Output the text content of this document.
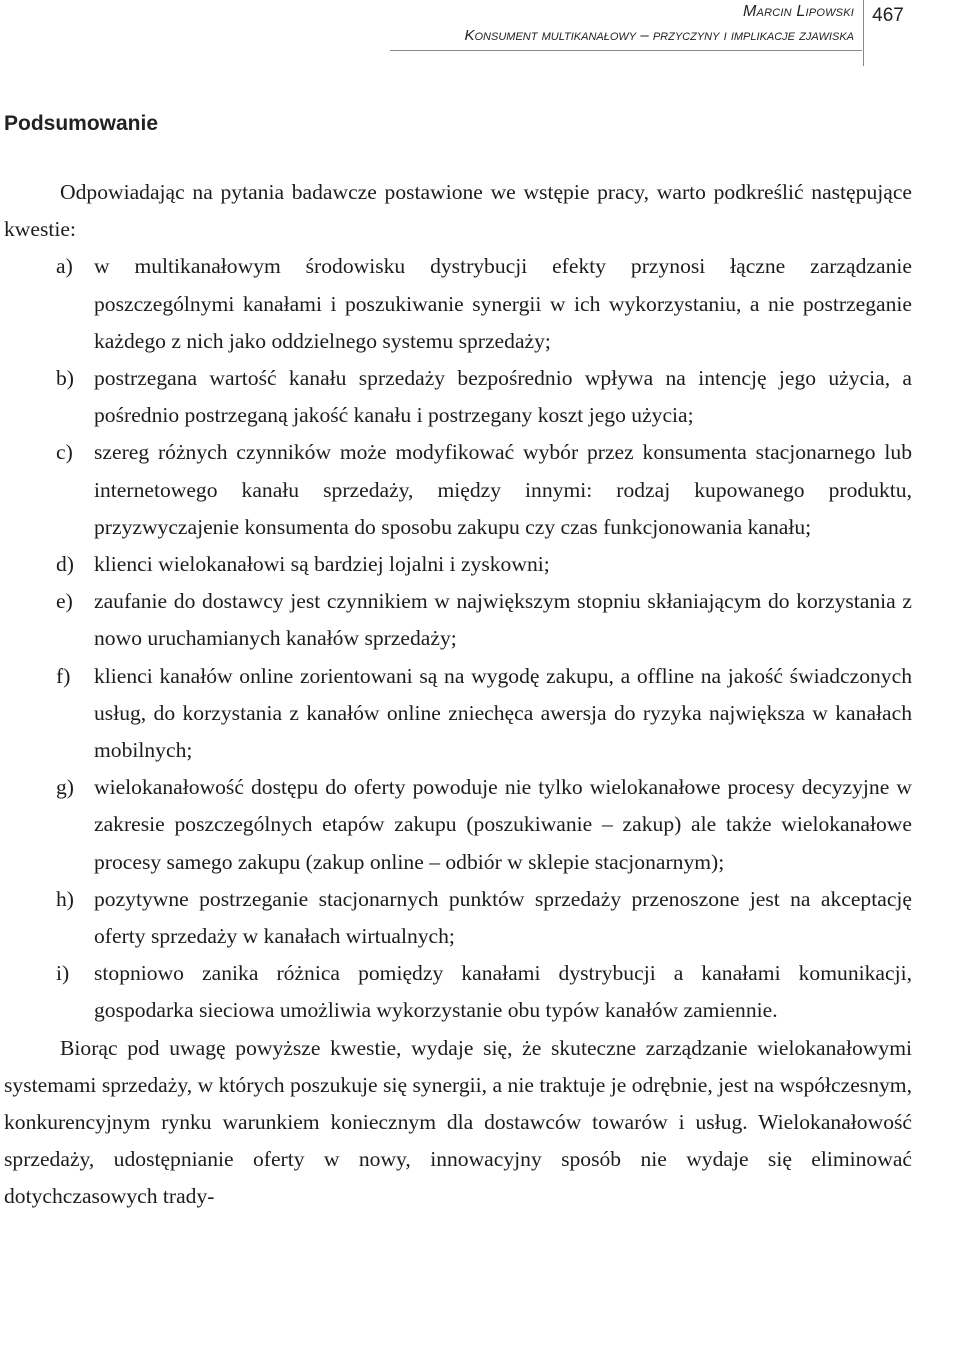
Marcin Lipowski
Konsument multikanałowy – przyczyny i implikacje zjawiska
467
Podsumowanie

Odpowiadając na pytania badawcze postawione we wstępie pracy, warto podkreślić następujące kwestie:

a) w multikanałowym środowisku dystrybucji efekty przynosi łączne zarządzanie poszczególnymi kanałami i poszukiwanie synergii w ich wykorzystaniu, a nie postrzeganie każdego z nich jako oddzielnego systemu sprzedaży;
b) postrzegana wartość kanału sprzedaży bezpośrednio wpływa na intencję jego użycia, a pośrednio postrzeganą jakość kanału i postrzegany koszt jego użycia;
c) szereg różnych czynników może modyfikować wybór przez konsumenta stacjonarnego lub internetowego kanału sprzedaży, między innymi: rodzaj kupowanego produktu, przyzwyczajenie konsumenta do sposobu zakupu czy czas funkcjonowania kanału;
d) klienci wielokanałowi są bardziej lojalni i zyskowni;
e) zaufanie do dostawcy jest czynnikiem w największym stopniu skłaniającym do korzystania z nowo uruchamianych kanałów sprzedaży;
f) klienci kanałów online zorientowani są na wygodę zakupu, a offline na jakość świadczonych usług, do korzystania z kanałów online zniechęca awersja do ryzyka największa w kanałach mobilnych;
g) wielokanałowość dostępu do oferty powoduje nie tylko wielokanałowe procesy decyzyjne w zakresie poszczególnych etapów zakupu (poszukiwanie – zakup) ale także wielokanałowe procesy samego zakupu (zakup online – odbiór w sklepie stacjonarnym);
h) pozytywne postrzeganie stacjonarnych punktów sprzedaży przenoszone jest na akceptację oferty sprzedaży w kanałach wirtualnych;
i) stopniowo zanika różnica pomiędzy kanałami dystrybucji a kanałami komunikacji, gospodarka sieciowa umożliwia wykorzystanie obu typów kanałów zamiennie.

Biorąc pod uwagę powyższe kwestie, wydaje się, że skuteczne zarządzanie wielokanałowymi systemami sprzedaży, w których poszukuje się synergii, a nie traktuje je odrębnie, jest na współczesnym, konkurencyjnym rynku warunkiem koniecznym dla dostawców towarów i usług. Wielokanałowość sprzedaży, udostępnianie oferty w nowy, innowacyjny sposób nie wydaje się eliminować dotychczasowych trady-
